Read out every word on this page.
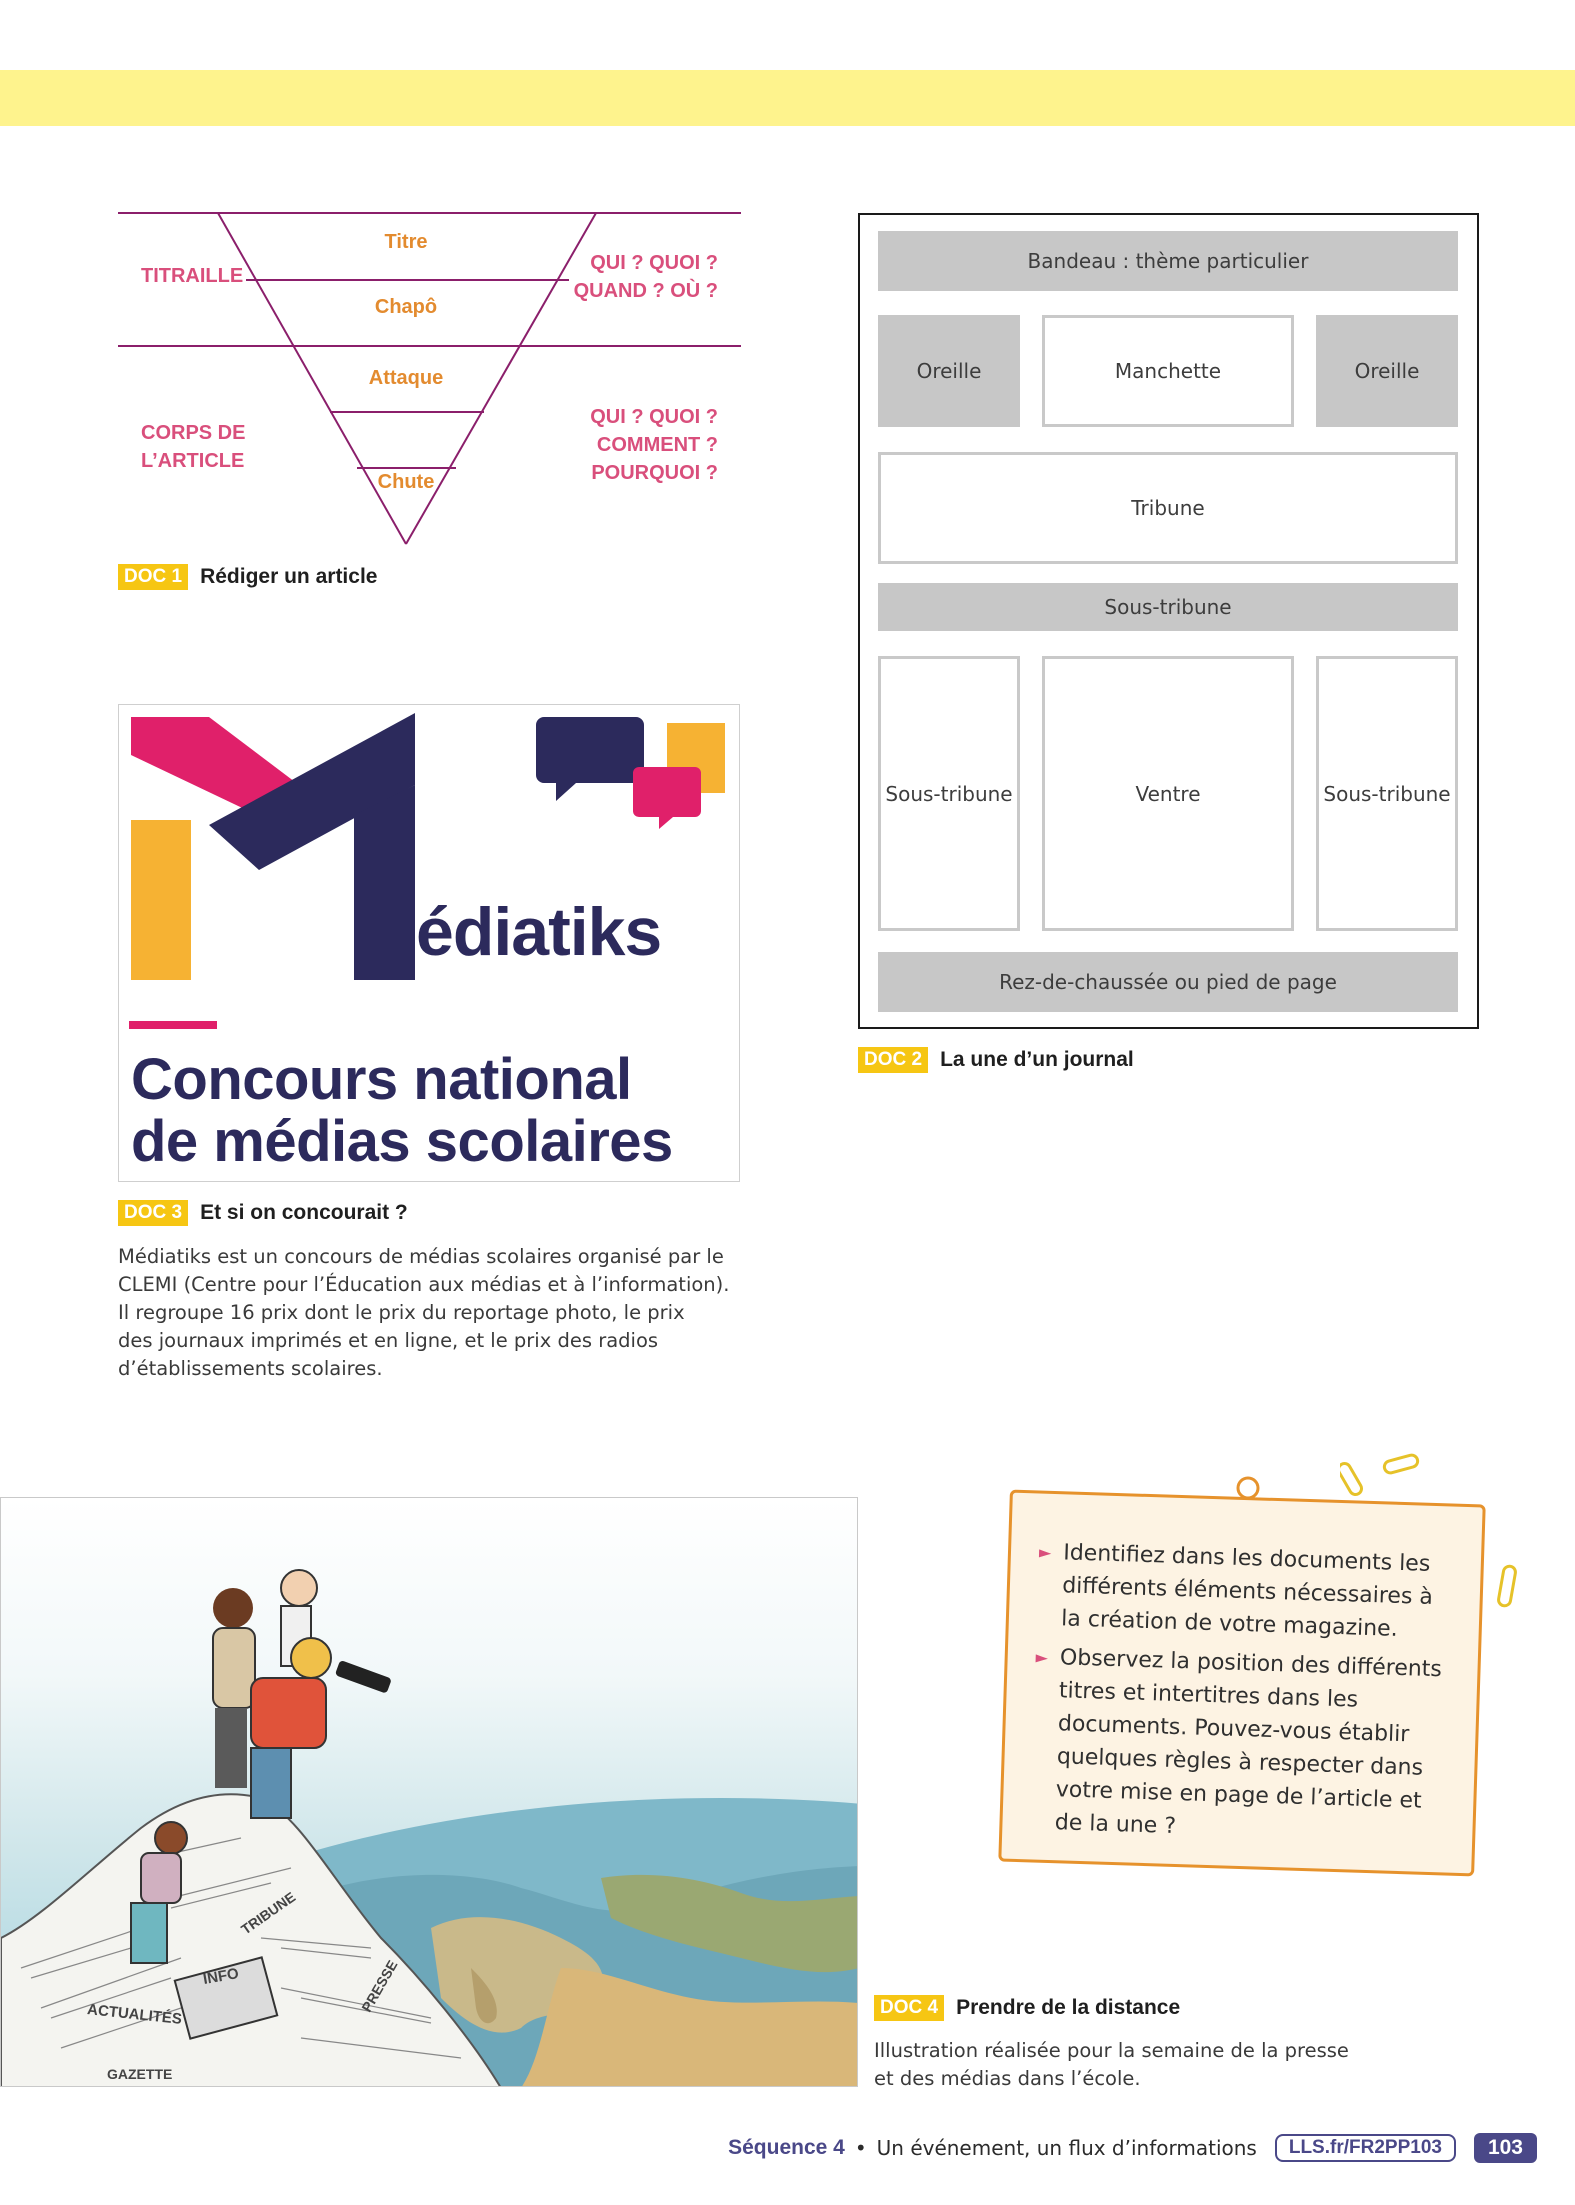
Titre
Chapô
Attaque
Chute
TITRAILLE
CORPS DE
L’ARTICLE
QUI ? QUOI ?
QUAND ? OÙ ?
QUI ? QUOI ?
COMMENT ?
POURQUOI ?
DOC 1 Rédiger un article
Bandeau : thème particulier
Oreille	Manchette	Oreille
Tribune
Sous-tribune
Sous-tribune	Ventre	Sous-tribune
Rez-de-chaussée ou pied de page
DOC 2 La une d’un journal
édiatiks
Concours national
de médias scolaires
DOC 3 Et si on concourait ?
Médiatiks est un concours de médias scolaires organisé par le
CLEMI (Centre pour l’Éducation aux médias et à l’information).
Il regroupe 16 prix dont le prix du reportage photo, le prix
des journaux imprimés et en ligne, et le prix des radios
d’établissements scolaires.
ACTUALITÉS
INFO
TRIBUNE
PRESSE
GAZETTE
► Identifiez dans les documents les différents éléments nécessaires à la création de votre magazine.
► Observez la position des différents titres et intertitres dans les documents. Pouvez-vous établir quelques règles à respecter dans votre mise en page de l’article et de la une ?
DOC 4 Prendre de la distance
Illustration réalisée pour la semaine de la presse
et des médias dans l’école.
Séquence 4 • Un événement, un flux d’informations	LLS.fr/FR2PP103	103
